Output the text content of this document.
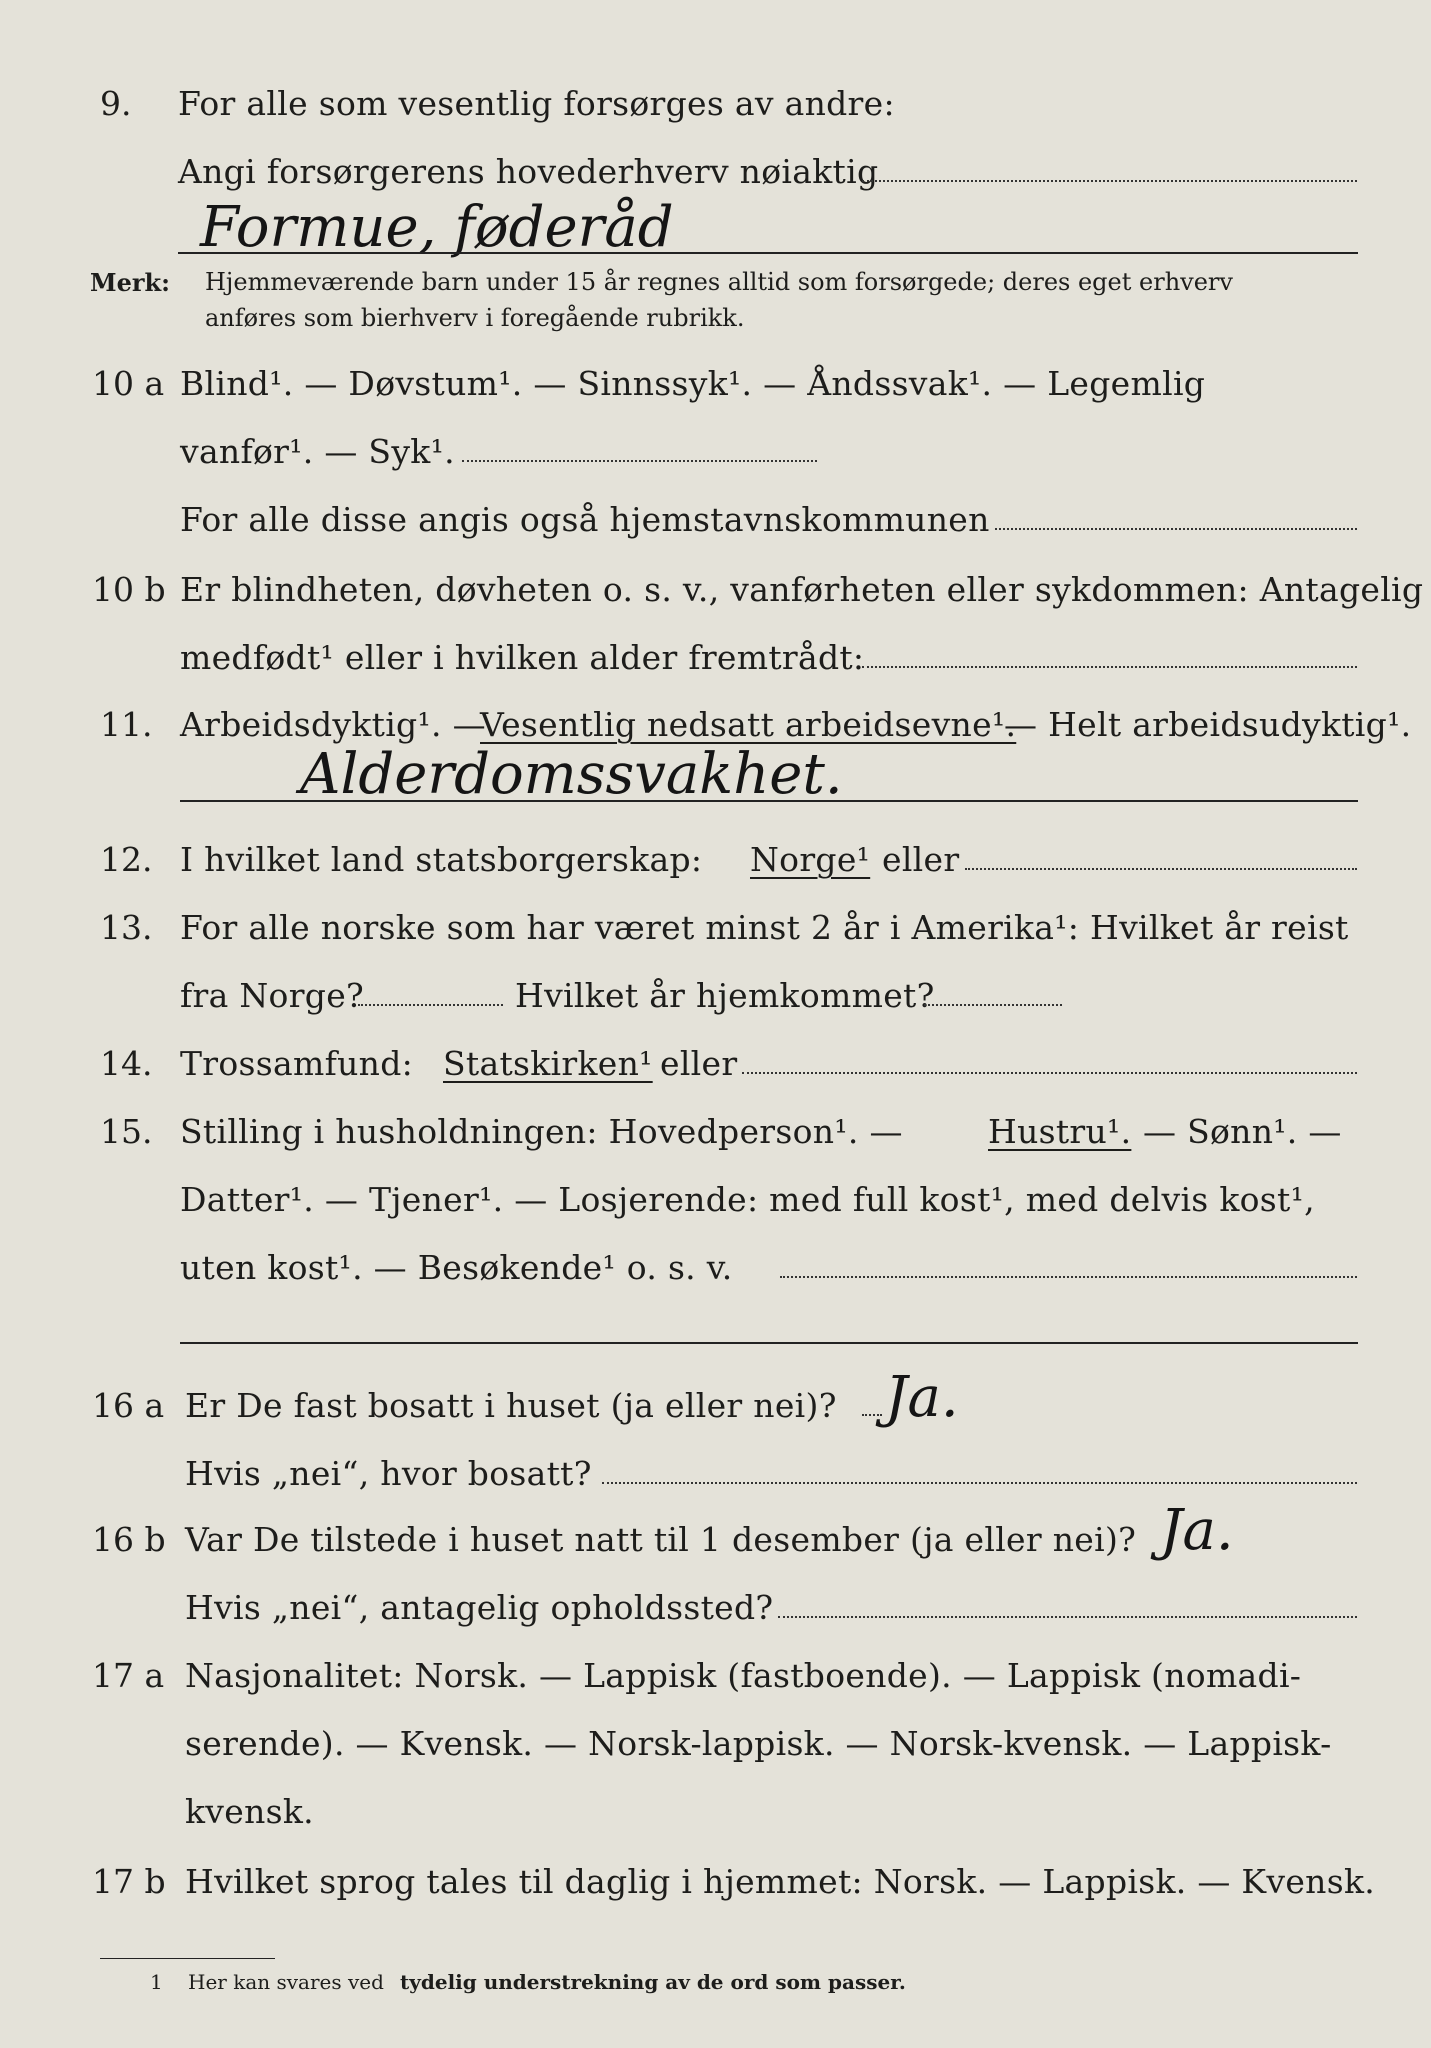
9. For alle som vesentlig forsørges av andre:
Angi forsørgerens hovederhverv nøiaktig
Formue, føderåd
Merk: Hjemmeværende barn under 15 år regnes alltid som forsørgede; deres eget erhverv
anføres som bierhverv i foregående rubrikk.
10 a Blind¹. — Døvstum¹. — Sinnssyk¹. — Åndssvak¹. — Legemlig
vanfør¹. — Syk¹.
For alle disse angis også hjemstavnskommunen
10 b Er blindheten, døvheten o. s. v., vanførheten eller sykdommen: Antagelig
medfødt¹ eller i hvilken alder fremtrådt:
11. Arbeidsdyktig¹. —
Vesentlig nedsatt arbeidsevne¹.
— Helt arbeidsudyktig¹.
Alderdomssvakhet.
12. I hvilket land statsborgerskap: Norge¹ eller
13. For alle norske som har været minst 2 år i Amerika¹: Hvilket år reist
fra Norge?	Hvilket år hjemkommet?
14. Trossamfund: Statskirken¹ eller
15. Stilling i husholdningen: Hovedperson¹. —	Hustru¹. — Sønn¹. —
Datter¹. — Tjener¹. — Losjerende: med full kost¹, med delvis kost¹,
uten kost¹. — Besøkende¹ o. s. v.
16 a Er De fast bosatt i huset (ja eller nei)? Ja.
Hvis „nei“, hvor bosatt?
16 b Var De tilstede i huset natt til 1 desember (ja eller nei)? Ja.
Hvis „nei“, antagelig opholdssted?
17 a Nasjonalitet: Norsk. — Lappisk (fastboende). — Lappisk (nomadi-
serende). — Kvensk. — Norsk-lappisk. — Norsk-kvensk. — Lappisk-
kvensk.
17 b Hvilket sprog tales til daglig i hjemmet: Norsk. — Lappisk. — Kvensk.
1 Her kan svares ved tydelig understrekning av de ord som passer.
